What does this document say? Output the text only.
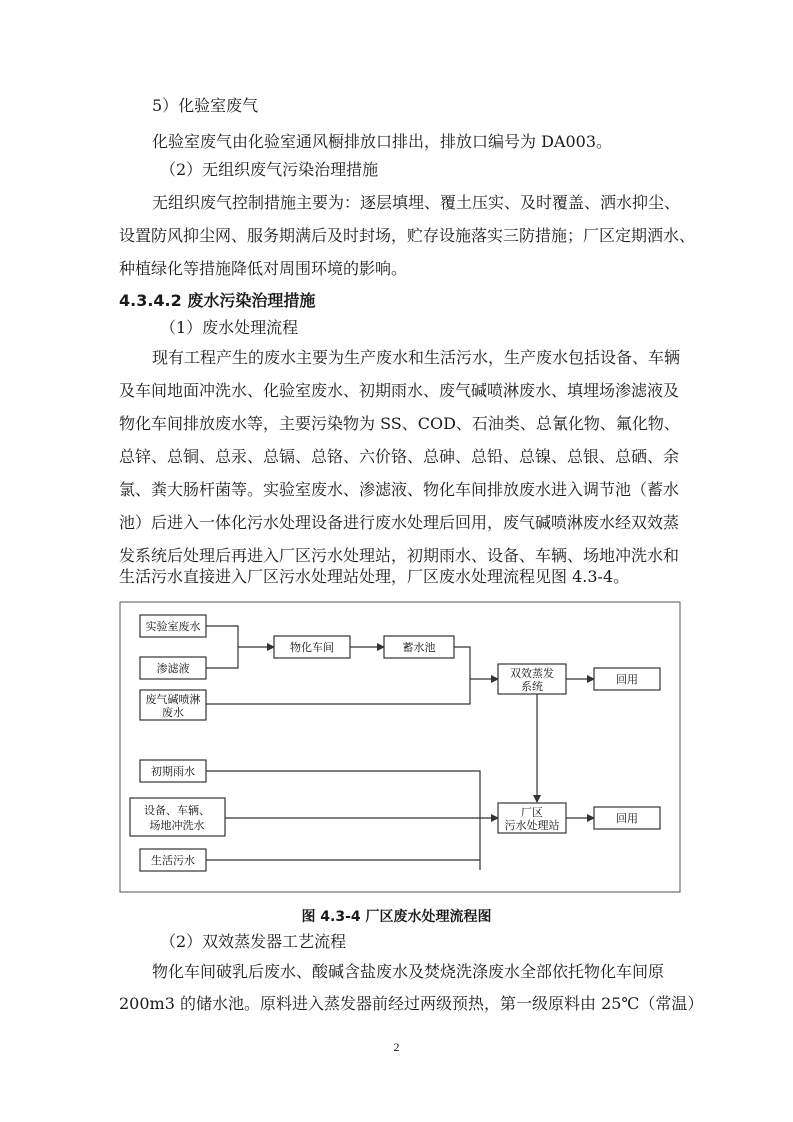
5）化验室废气
化验室废气由化验室通风橱排放口排出，排放口编号为 DA003。
（2）无组织废气污染治理措施
无组织废气控制措施主要为：逐层填埋、覆土压实、及时覆盖、洒水抑尘、
设置防风抑尘网、服务期满后及时封场，贮存设施落实三防措施；厂区定期洒水、
种植绿化等措施降低对周围环境的影响。
4.3.4.2 废水污染治理措施
（1）废水处理流程
现有工程产生的废水主要为生产废水和生活污水，生产废水包括设备、车辆
及车间地面冲洗水、化验室废水、初期雨水、废气碱喷淋废水、填埋场渗滤液及
物化车间排放废水等，主要污染物为 SS、COD、石油类、总氰化物、氟化物、
总锌、总铜、总汞、总镉、总铬、六价铬、总砷、总铅、总镍、总银、总硒、余
氯、粪大肠杆菌等。实验室废水、渗滤液、物化车间排放废水进入调节池（蓄水
池）后进入一体化污水处理设备进行废水处理后回用，废气碱喷淋废水经双效蒸
发系统后处理后再进入厂区污水处理站，初期雨水、设备、车辆、场地冲洗水和
生活污水直接进入厂区污水处理站处理，厂区废水处理流程见图 4.3-4。
实验室废水
渗滤液
废气碱喷淋
废水
物化车间	蓄水池
双效蒸发
系统
回用
初期雨水
设备、车辆、
场地冲洗水
厂区
污水处理站
回用
生活污水
图 4.3-4 厂区废水处理流程图
（2）双效蒸发器工艺流程
物化车间破乳后废水、酸碱含盐废水及焚烧洗涤废水全部依托物化车间原
200m3 的储水池。原料进入蒸发器前经过两级预热，第一级原料由 25℃（常温）
2
